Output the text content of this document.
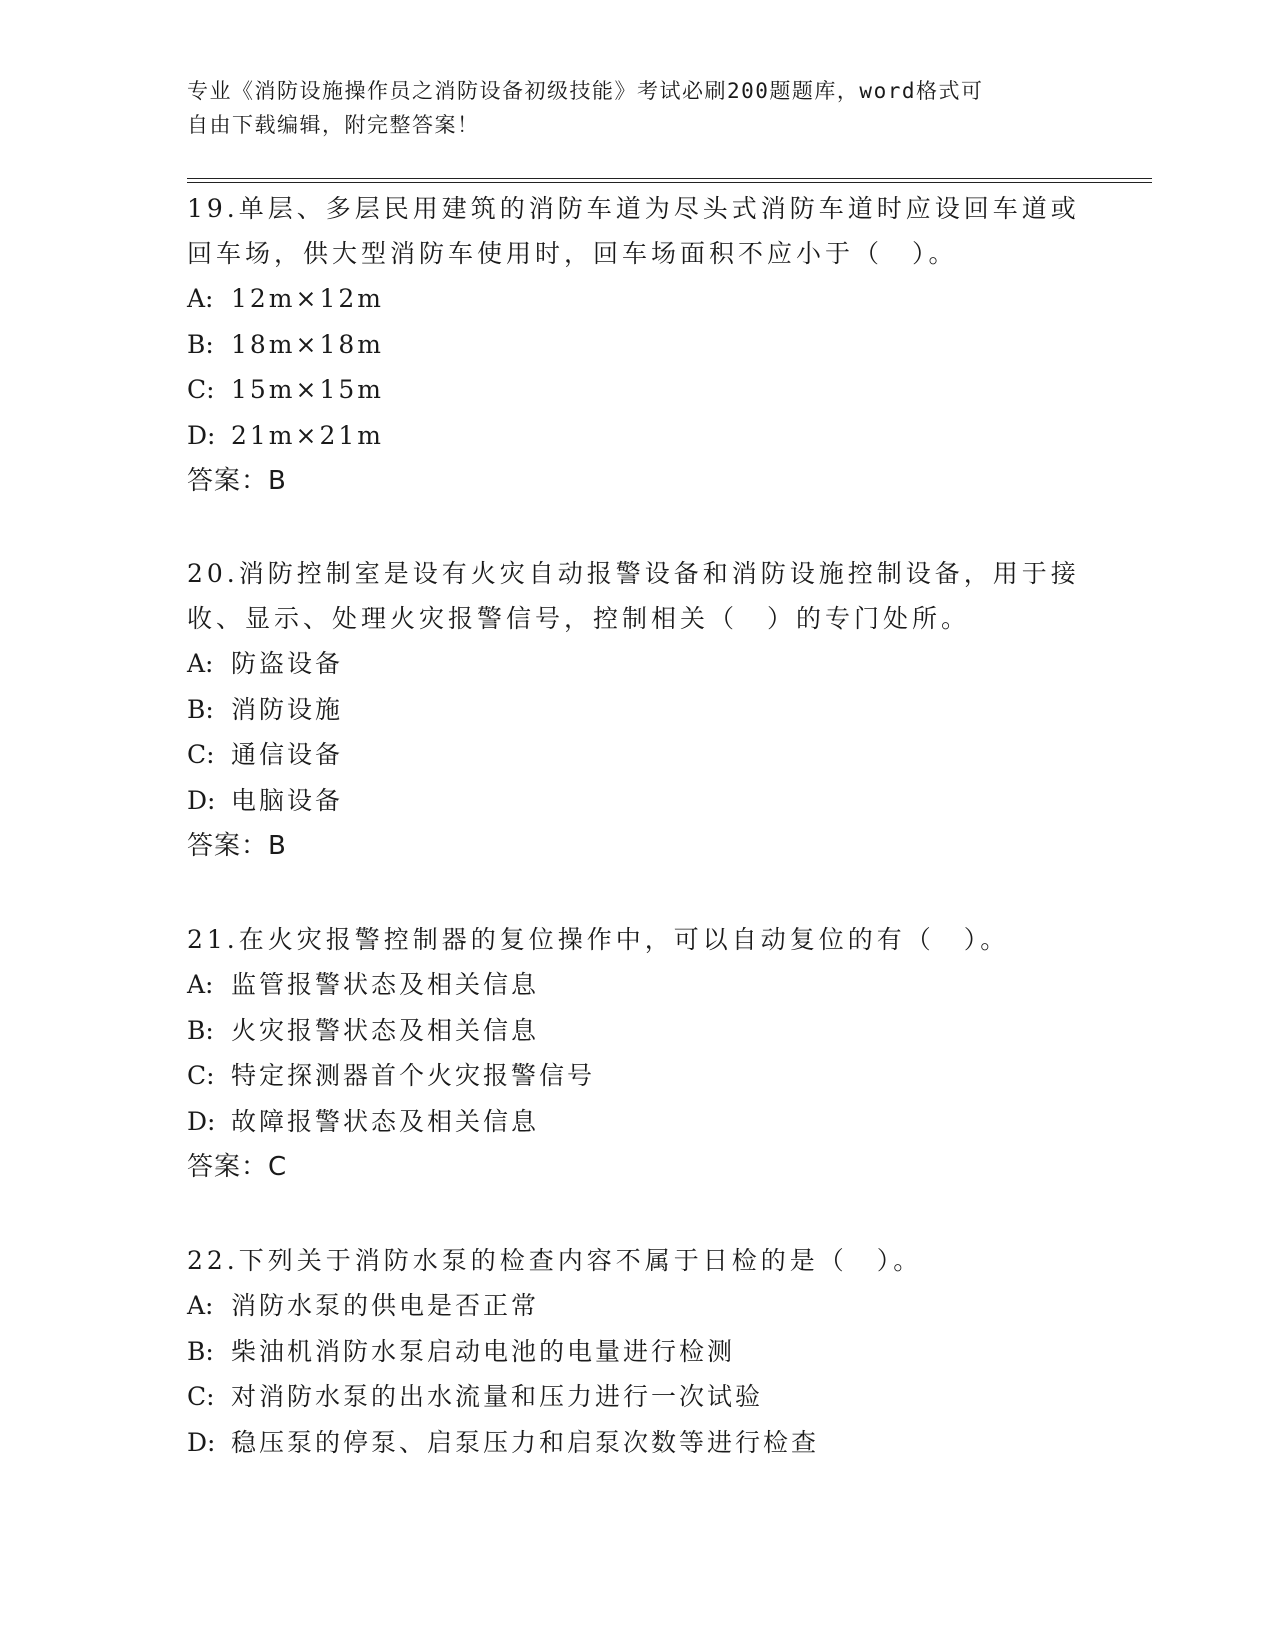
专业《消防设施操作员之消防设备初级技能》考试必刷200题题库，word格式可
自由下载编辑，附完整答案！
19.单层、多层民用建筑的消防车道为尽头式消防车道时应设回车道或
回车场，供大型消防车使用时，回车场面积不应小于（　）。
A: 12m×12m
B: 18m×18m
C: 15m×15m
D: 21m×21m
答案：B
20.消防控制室是设有火灾自动报警设备和消防设施控制设备，用于接
收、显示、处理火灾报警信号，控制相关（　）的专门处所。
A: 防盗设备
B: 消防设施
C: 通信设备
D: 电脑设备
答案：B
21.在火灾报警控制器的复位操作中，可以自动复位的有（　）。
A: 监管报警状态及相关信息
B: 火灾报警状态及相关信息
C: 特定探测器首个火灾报警信号
D: 故障报警状态及相关信息
答案：C
22.下列关于消防水泵的检查内容不属于日检的是（　）。
A: 消防水泵的供电是否正常
B: 柴油机消防水泵启动电池的电量进行检测
C: 对消防水泵的出水流量和压力进行一次试验
D: 稳压泵的停泵、启泵压力和启泵次数等进行检查
